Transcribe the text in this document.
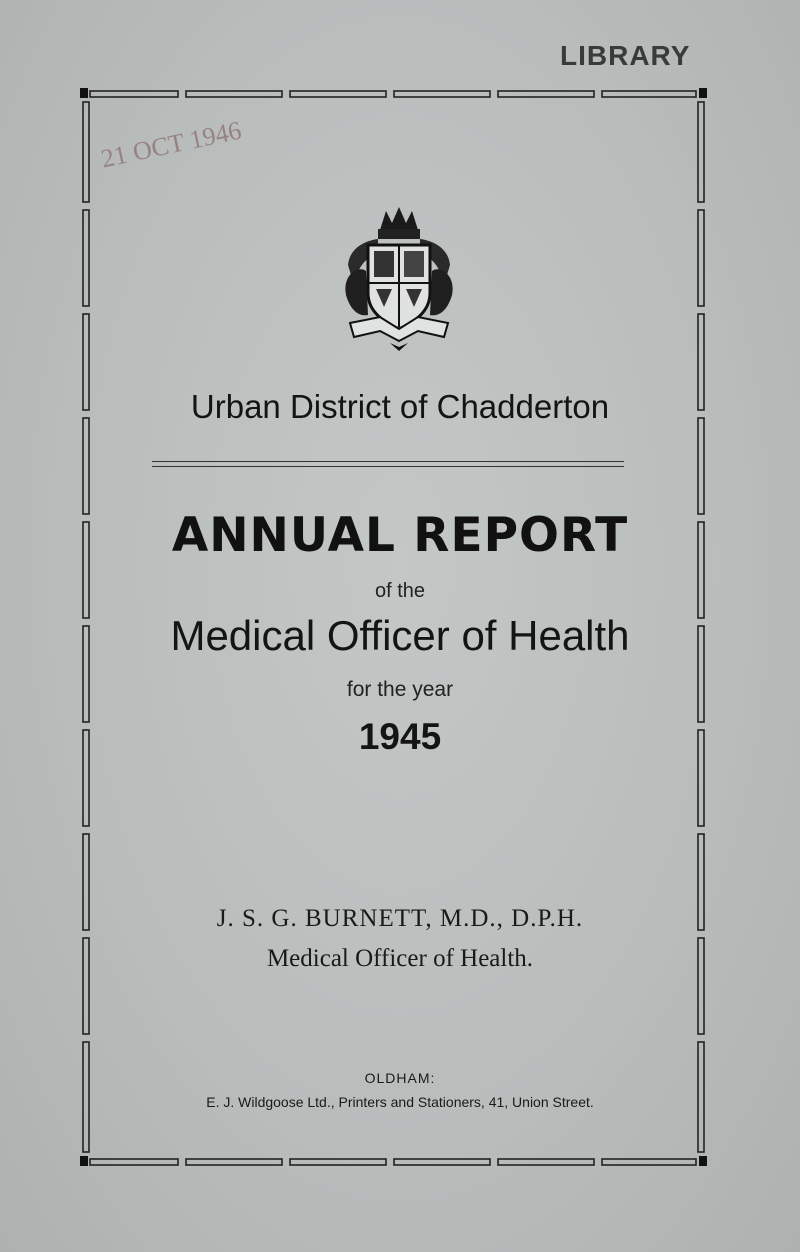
LIBRARY
21 OCT 1946
Urban District of Chadderton
ANNUAL REPORT
of the
Medical Officer of Health
for the year
1945
J. S. G. BURNETT, M.D., D.P.H.
Medical Officer of Health.
OLDHAM:
E. J. Wildgoose Ltd., Printers and Stationers, 41, Union Street.
